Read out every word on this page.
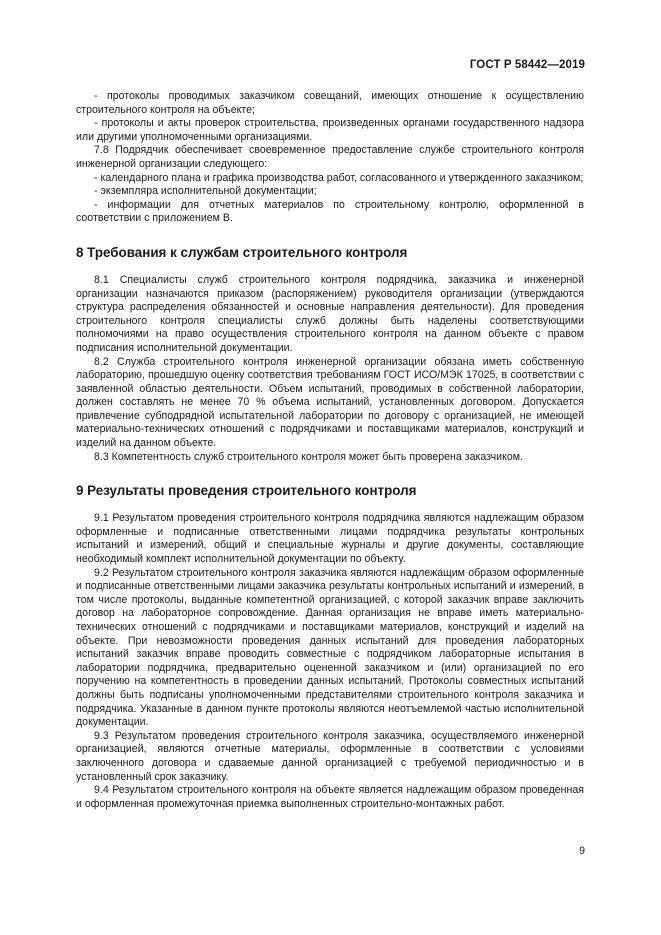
ГОСТ Р 58442—2019

- протоколы проводимых заказчиком совещаний, имеющих отношение к осуществлению строительного контроля на объекте;

- протоколы и акты проверок строительства, произведенных органами государственного надзора или другими уполномоченными организациями.

7.8 Подрядчик обеспечивает своевременное предоставление службе строительного контроля инженерной организации следующего:

- календарного плана и графика производства работ, согласованного и утвержденного заказчиком;

- экземпляра исполнительной документации;

- информации для отчетных материалов по строительному контролю, оформленной в соответствии с приложением В.

8 Требования к службам строительного контроля

8.1 Специалисты служб строительного контроля подрядчика, заказчика и инженерной организации назначаются приказом (распоряжением) руководителя организации (утверждаются структура распределения обязанностей и основные направления деятельности). Для проведения строительного контроля специалисты служб должны быть наделены соответствующими полномочиями на право осуществления строительного контроля на данном объекте с правом подписания исполнительной документации.

8.2 Служба строительного контроля инженерной организации обязана иметь собственную лабораторию, прошедшую оценку соответствия требованиям ГОСТ ИСО/МЭК 17025, в соответствии с заявленной областью деятельности. Объем испытаний, проводимых в собственной лаборатории, должен составлять не менее 70 % объема испытаний, установленных договором. Допускается привлечение субподрядной испытательной лаборатории по договору с организацией, не имеющей материально-технических отношений с подрядчиками и поставщиками материалов, конструкций и изделий на данном объекте.

8.3 Компетентность служб строительного контроля может быть проверена заказчиком.

9 Результаты проведения строительного контроля

9.1 Результатом проведения строительного контроля подрядчика являются надлежащим образом оформленные и подписанные ответственными лицами подрядчика результаты контрольных испытаний и измерений, общий и специальные журналы и другие документы, составляющие необходимый комплект исполнительной документации по объекту.

9.2 Результатом строительного контроля заказчика являются надлежащим образом оформленные и подписанные ответственными лицами заказчика результаты контрольных испытаний и измерений, в том числе протоколы, выданные компетентной организацией, с которой заказчик вправе заключить договор на лабораторное сопровождение. Данная организация не вправе иметь материально-технических отношений с подрядчиками и поставщиками материалов, конструкций и изделий на объекте. При невозможности проведения данных испытаний для проведения лабораторных испытаний заказчик вправе проводить совместные с подрядчиком лабораторные испытания в лаборатории подрядчика, предварительно оцененной заказчиком и (или) организацией по его поручению на компетентность в проведении данных испытаний. Протоколы совместных испытаний должны быть подписаны уполномоченными представителями строительного контроля заказчика и подрядчика. Указанные в данном пункте протоколы являются неотъемлемой частью исполнительной документации.

9.3 Результатом проведения строительного контроля заказчика, осуществляемого инженерной организацией, являются отчетные материалы, оформленные в соответствии с условиями заключенного договора и сдаваемые данной организацией с требуемой периодичностью и в установленный срок заказчику.

9.4 Результатом строительного контроля на объекте является надлежащим образом проведенная и оформленная промежуточная приемка выполненных строительно-монтажных работ.

9
